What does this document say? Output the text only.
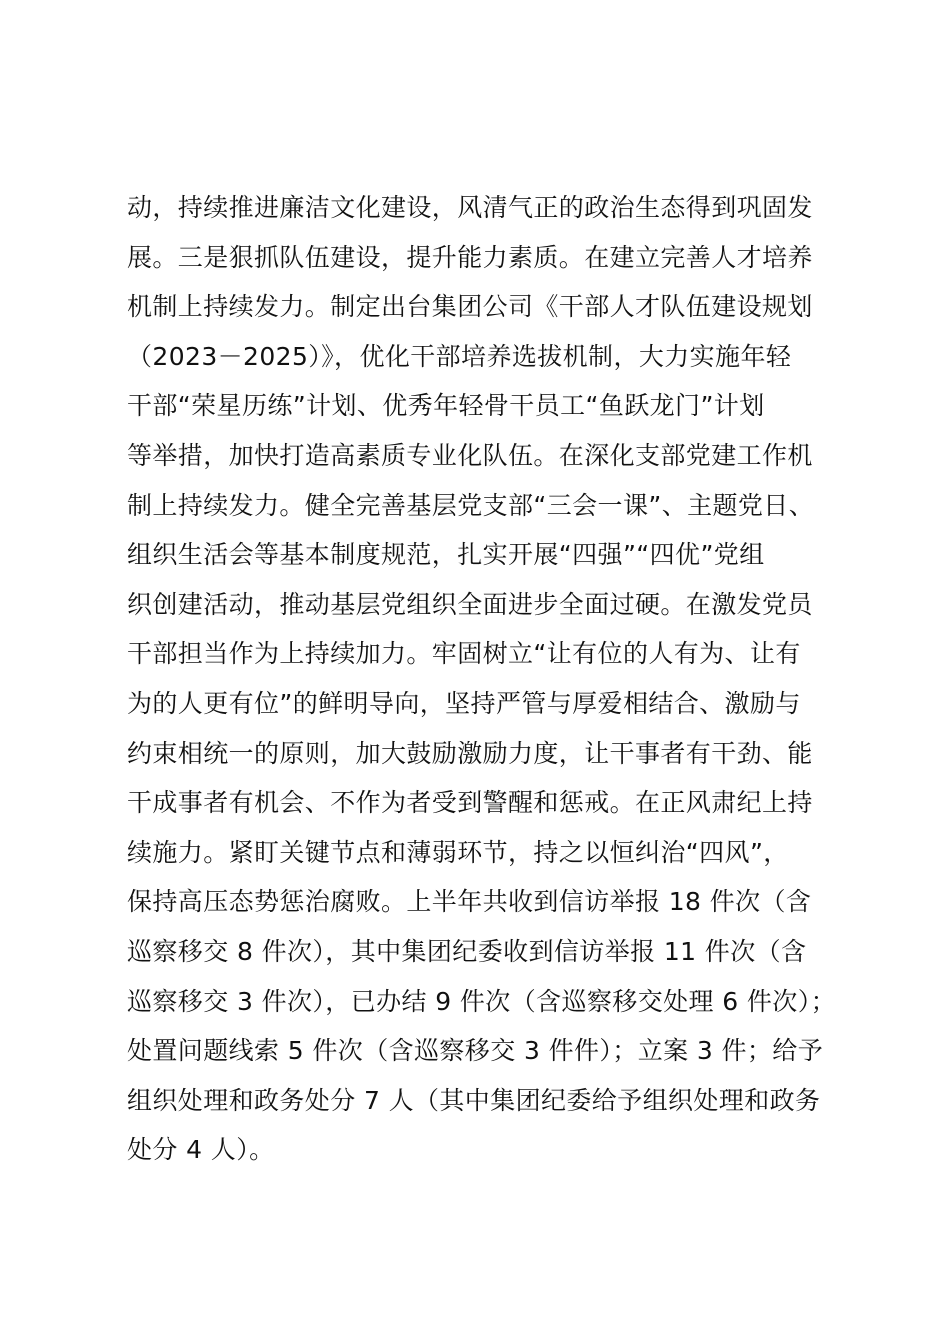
动，持续推进廉洁文化建设，风清气正的政治生态得到巩固发
展。三是狠抓队伍建设，提升能力素质。在建立完善人才培养
机制上持续发力。制定出台集团公司《干部人才队伍建设规划
（2023－2025）》，优化干部培养选拔机制，大力实施年轻
干部“荣星历练”计划、优秀年轻骨干员工“鱼跃龙门”计划
等举措，加快打造高素质专业化队伍。在深化支部党建工作机
制上持续发力。健全完善基层党支部“三会一课”、主题党日、
组织生活会等基本制度规范，扎实开展“四强”“四优”党组
织创建活动，推动基层党组织全面进步全面过硬。在激发党员
干部担当作为上持续加力。牢固树立“让有位的人有为、让有
为的人更有位”的鲜明导向，坚持严管与厚爱相结合、激励与
约束相统一的原则，加大鼓励激励力度，让干事者有干劲、能
干成事者有机会、不作为者受到警醒和惩戒。在正风肃纪上持
续施力。紧盯关键节点和薄弱环节，持之以恒纠治“四风”，
保持高压态势惩治腐败。上半年共收到信访举报 18 件次（含
巡察移交 8 件次），其中集团纪委收到信访举报 11 件次（含
巡察移交 3 件次），已办结 9 件次（含巡察移交处理 6 件次）；
处置问题线索 5 件次（含巡察移交 3 件件）；立案 3 件；给予
组织处理和政务处分 7 人（其中集团纪委给予组织处理和政务
处分 4 人）。
